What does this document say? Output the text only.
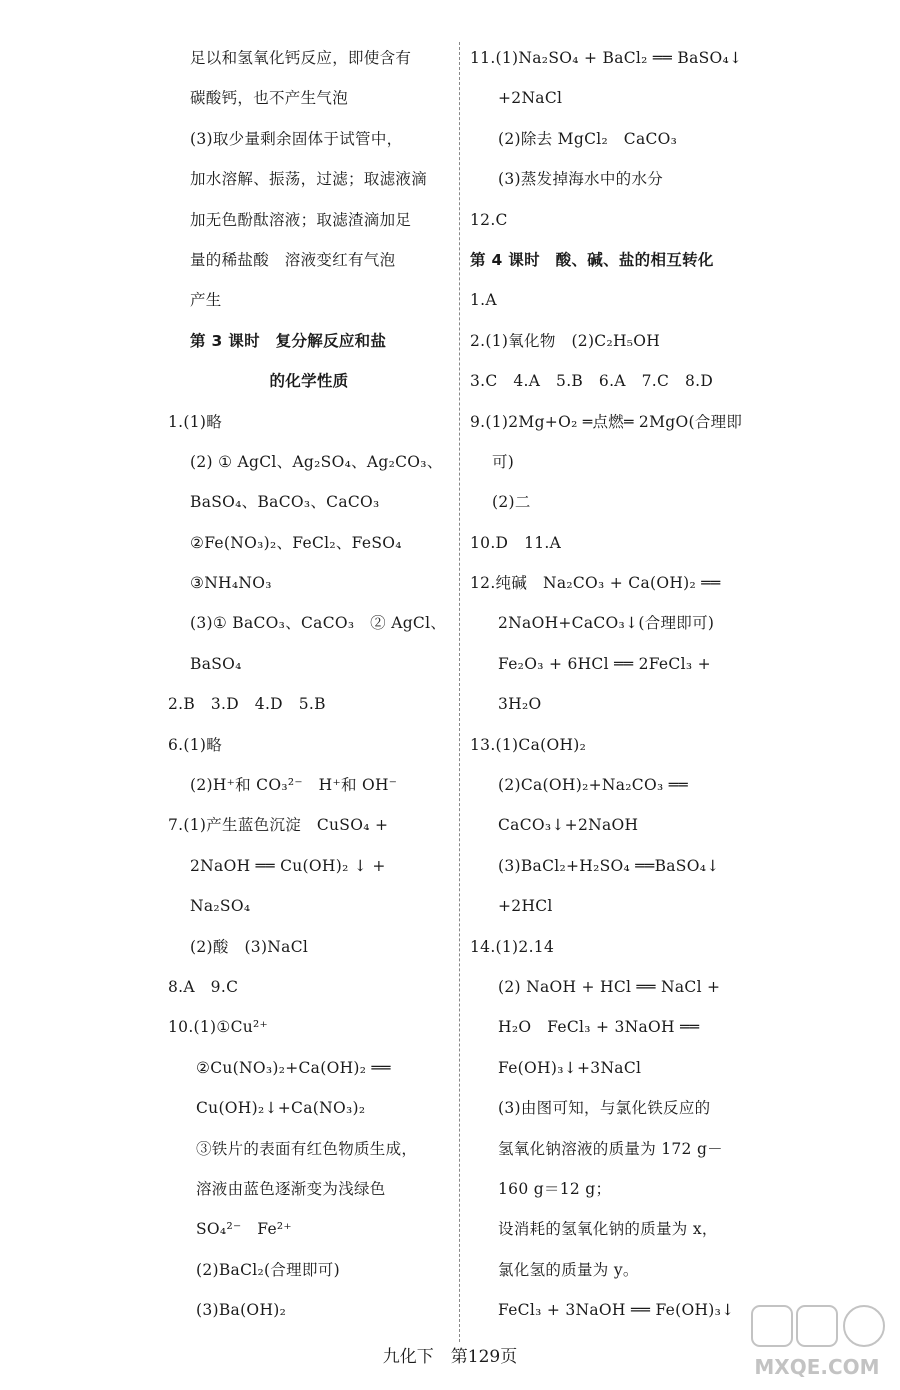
足以和氢氧化钙反应，即使含有
碳酸钙，也不产生气泡
(3)取少量剩余固体于试管中，
加水溶解、振荡，过滤；取滤液滴
加无色酚酞溶液；取滤渣滴加足
量的稀盐酸　溶液变红有气泡
产生
第 3 课时　复分解反应和盐
的化学性质
1.(1)略
(2) ① AgCl、Ag₂SO₄、Ag₂CO₃、
BaSO₄、BaCO₃、CaCO₃
②Fe(NO₃)₂、FeCl₂、FeSO₄
③NH₄NO₃
(3)① BaCO₃、CaCO₃　② AgCl、
BaSO₄
2.B　3.D　4.D　5.B
6.(1)略
(2)H⁺和 CO₃²⁻　H⁺和 OH⁻
7.(1)产生蓝色沉淀　CuSO₄ +
2NaOH ══ Cu(OH)₂ ↓ +
Na₂SO₄
(2)酸　(3)NaCl
8.A　9.C
10.(1)①Cu²⁺
②Cu(NO₃)₂+Ca(OH)₂ ══
Cu(OH)₂↓+Ca(NO₃)₂
③铁片的表面有红色物质生成，
溶液由蓝色逐渐变为浅绿色
SO₄²⁻　Fe²⁺
(2)BaCl₂(合理即可)
(3)Ba(OH)₂
11.(1)Na₂SO₄ + BaCl₂ ══ BaSO₄↓
+2NaCl
(2)除去 MgCl₂　CaCO₃
(3)蒸发掉海水中的水分
12.C
第 4 课时　酸、碱、盐的相互转化
1.A
2.(1)氧化物　(2)C₂H₅OH
3.C　4.A　5.B　6.A　7.C　8.D
9.(1)2Mg+O₂ ═点燃═ 2MgO(合理即
可)
(2)二
10.D　11.A
12.纯碱　Na₂CO₃ + Ca(OH)₂ ══
2NaOH+CaCO₃↓(合理即可)
Fe₂O₃ + 6HCl ══ 2FeCl₃ +
3H₂O
13.(1)Ca(OH)₂
(2)Ca(OH)₂+Na₂CO₃ ══
CaCO₃↓+2NaOH
(3)BaCl₂+H₂SO₄ ══BaSO₄↓
+2HCl
14.(1)2.14
(2) NaOH + HCl ══ NaCl +
H₂O　FeCl₃ + 3NaOH ══
Fe(OH)₃↓+3NaCl
(3)由图可知，与氯化铁反应的
氢氧化钠溶液的质量为 172 g－
160 g＝12 g；
设消耗的氢氧化钠的质量为 x，
氯化氢的质量为 y。
FeCl₃ + 3NaOH ══ Fe(OH)₃↓
九化下　第129页	MXQE.COM
